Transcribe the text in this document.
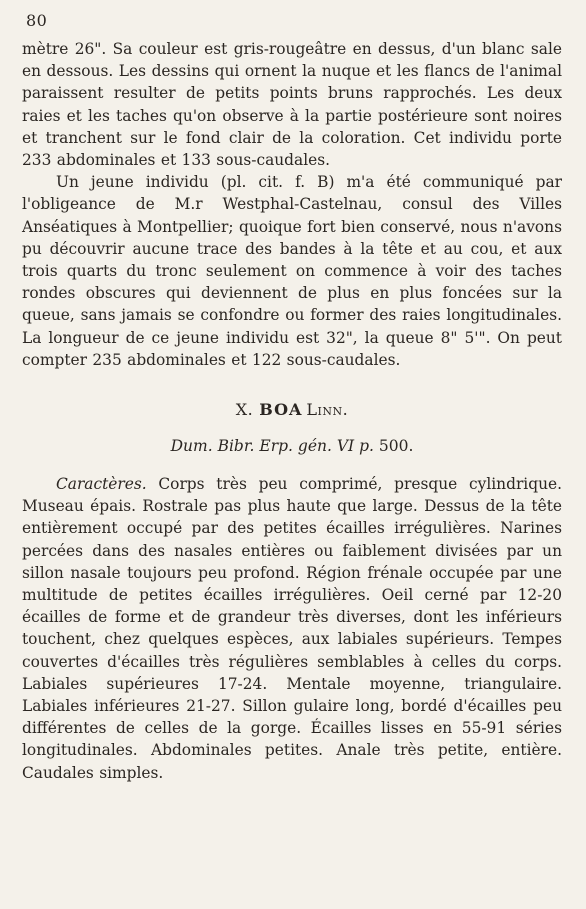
80

mètre 26". Sa couleur est gris-rougeâtre en dessus, d'un blanc sale en dessous. Les dessins qui ornent la nuque et les flancs de l'animal paraissent resulter de petits points bruns rapprochés. Les deux raies et les taches qu'on observe à la partie postérieure sont noires et tranchent sur le fond clair de la coloration. Cet individu porte 233 abdominales et 133 sous-caudales.

Un jeune individu (pl. cit. f. B) m'a été communiqué par l'obligeance de M.r Westphal-Castelnau, consul des Villes Anséatiques à Montpellier; quoique fort bien conservé, nous n'avons pu découvrir aucune trace des bandes à la tête et au cou, et aux trois quarts du tronc seulement on commence à voir des taches rondes obscures qui deviennent de plus en plus foncées sur la queue, sans jamais se confondre ou former des raies longitudinales. La longueur de ce jeune individu est 32", la queue 8" 5'". On peut compter 235 abdominales et 122 sous-caudales.

X. BOA Linn.
Dum. Bibr. Erp. gén. VI p. 500.

Caractères. Corps très peu comprimé, presque cylindrique. Museau épais. Rostrale pas plus haute que large. Dessus de la tête entièrement occupé par des petites écailles irrégulières. Narines percées dans des nasales entières ou faiblement divisées par un sillon nasale toujours peu profond. Région frénale occupée par une multitude de petites écailles irrégulières. Oeil cerné par 12-20 écailles de forme et de grandeur très diverses, dont les inférieurs touchent, chez quelques espèces, aux labiales supérieurs. Tempes couvertes d'écailles très régulières semblables à celles du corps. Labiales supérieures 17-24. Mentale moyenne, triangulaire. Labiales inférieures 21-27. Sillon gulaire long, bordé d'écailles peu différentes de celles de la gorge. Écailles lisses en 55-91 séries longitudinales. Abdominales petites. Anale très petite, entière. Caudales simples.
